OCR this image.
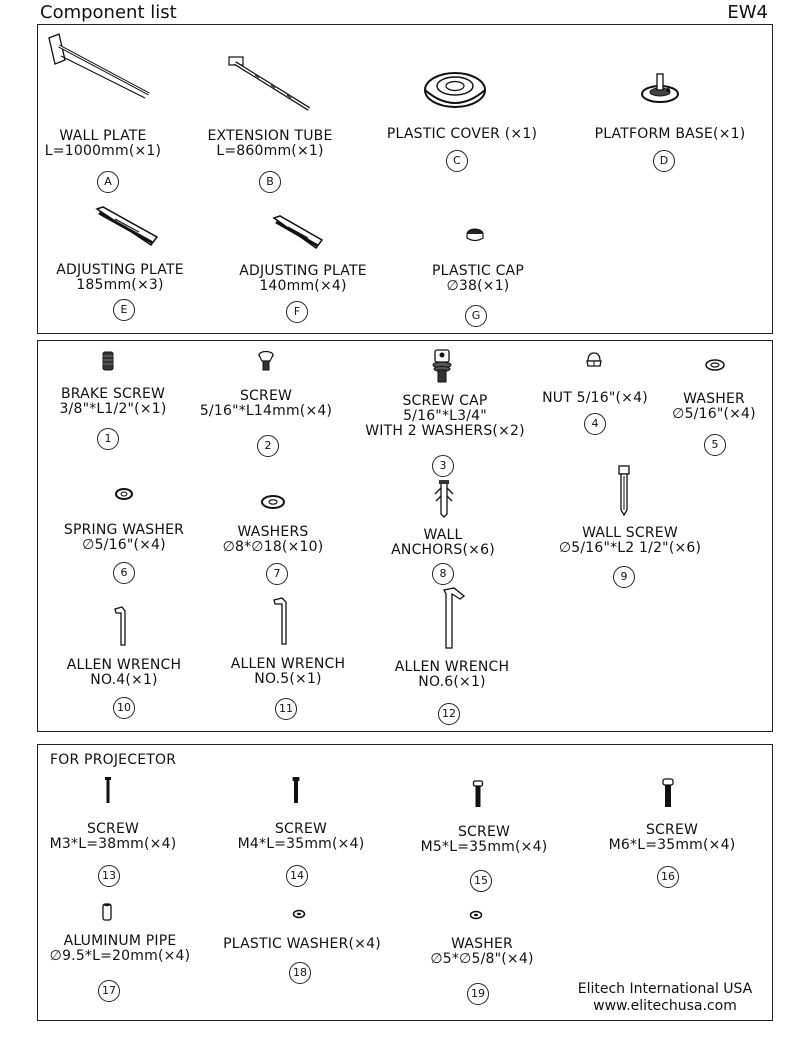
Component list	EW4
WALL PLATE
L=1000mm(×1)
A
EXTENSION TUBE
L=860mm(×1)
B
PLASTIC COVER (×1)
C
PLATFORM BASE(×1)
D
ADJUSTING PLATE
185mm(×3)
E
ADJUSTING PLATE
140mm(×4)
F
PLASTIC CAP
∅38(×1)
G
BRAKE SCREW
3/8"*L1/2"(×1)
1
SCREW
5/16"*L14mm(×4)
2
SCREW CAP
5/16"*L3/4"
WITH 2 WASHERS(×2)
3
NUT 5/16"(×4)
4
WASHER
∅5/16"(×4)
5
SPRING WASHER
∅5/16"(×4)
6
WASHERS
∅8*∅18(×10)
7
WALL
ANCHORS(×6)
8
WALL SCREW
∅5/16"*L2 1/2"(×6)
9
ALLEN WRENCH
NO.4(×1)
10
ALLEN WRENCH
NO.5(×1)
11
ALLEN WRENCH
NO.6(×1)
12
FOR PROJECETOR
SCREW
M3*L=38mm(×4)
13
SCREW
M4*L=35mm(×4)
14
SCREW
M5*L=35mm(×4)
15
SCREW
M6*L=35mm(×4)
16
ALUMINUM PIPE
∅9.5*L=20mm(×4)
17
PLASTIC WASHER(×4)
18
WASHER
∅5*∅5/8"(×4)
19	Elitech International USA
www.elitechusa.com
